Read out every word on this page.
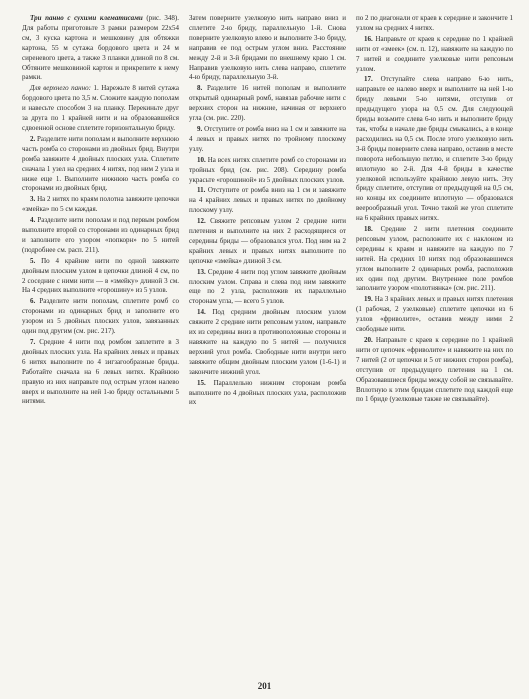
Три панно с сухими клематисами (рис. 348). Для работы приготовьте 3 рамки размером 22х54 см, 3 куска картона и мешковину для обтяжки картона, 55 м сутажа бордового цвета и 24 м сиреневого цвета, а также 3 планки длиной по 8 см. Обтяните мешковиной картон и прикрепите к нему рамки.

Для верхнего панно: 1. Нарежьте 8 нитей сутажа бордового цвета по 3,5 м. Сложите каждую пополам и навесьте способом 3 на планку. Перекиньте друг за друга по 1 крайней нити и на образовавшейся сдвоенной основе сплетите горизонтальную бриду.

2. Разделите нити пополам и выполните верхнюю часть ромба со сторонами из двойных брид. Внутри ромба завяжите 4 двойных плоских узла. Сплетите сначала 1 узел на средних 4 нитях, под ним 2 узла и ниже еще 1. Выполните нижнюю часть ромба со сторонами из двойных брид.

3. На 2 нитях по краям полотна завяжите цепочки «змейка» по 5 см каждая.

4. Разделите нити пополам и под первым ромбом выполните второй со сторонами из одинарных брид и заполните его узором «попкорн» по 5 нитей (подробнее см. расп. 211).

5. По 4 крайние нити по одной завяжите двойным плоским узлом в цепочки длиной 4 см, по 2 соседние с ними нити — в «змейку» длиной 3 см. На 4 средних выполните «горошину» из 5 узлов.

6. Разделите нити пополам, сплетите ромб со сторонами из одинарных брид и заполните его узором из 5 двойных плоских узлов, завязанных один под другим (см. рис. 217).

7. Средние 4 нити под ромбом заплетите в 3 двойных плоских узла. На крайних левых и правых 6 нитях выполните по 4 зигзагообразные бриды. Работайте сначала на 6 левых нитях. Крайнюю правую из них направьте под острым углом налево вверх и выполните на ней 1-ю бриду остальными 5 нитями.

Затем поверните узелковую нить направо вниз и сплетите 2-ю бриду, параллельную 1-й. Снова поверните узелковую влево и выполните 3-ю бриду, направив ее под острым углом вниз. Расстояние между 2-й и 3-й бридами по внешнему краю 1 см. Направив узелковую нить слева направо, сплетите 4-ю бриду, параллельную 3-й.

8. Разделите 16 нитей пополам и выполните открытый одинарный ромб, навязав рабочие нити с верхних сторон на нижние, начиная от верхнего угла (см. рис. 220).

9. Отступите от ромба вниз на 1 см и завяжите на 4 левых и правых нитях по тройному плоскому узлу.

10. На всех нитях сплетите ромб со сторонами из тройных брид (см. рис. 208). Середину ромба украсьте «горошиной» из 5 двойных плоских узлов.

11. Отступите от ромба вниз на 1 см и завяжите на 4 крайних левых и правых нитях по двойному плоскому узлу.

12. Свяжите репсовым узлом 2 средние нити плетения и выполните на них 2 расходящиеся от середины бриды — образовался угол. Под ним на 2 крайних левых и правых нитях выполните по цепочке «змейка» длиной 3 см.

13. Средние 4 нити под углом завяжите двойным плоским узлом. Справа и слева под ним завяжите еще по 2 узла, расположив их параллельно сторонам угла, — всего 5 узлов.

14. Под средним двойным плоским узлом свяжите 2 средние нити репсовым узлом, направьте их из середины вниз в противоположные стороны и навяжите на каждую по 5 нитей — получился верхний угол ромба. Свободные нити внутри него завяжите общим двойным плоским узлом (1-6-1) и закончите нижний угол.

15. Параллельно нижним сторонам ромба выполните по 4 двойных плоских узла, расположив их

по 2 по диагонали от краев к середине и закончите 1 узлом на средних 4 нитях.

16. Направьте от краев к середине по 1 крайней нити от «змеек» (см. п. 12), навяжите на каждую по 7 нитей и соедините узелковые нити репсовым узлом.

17. Отступайте слева направо 6-ю нить, направьте ее налево вверх и выполните на ней 1-ю бриду левыми 5-ю нитями, отступив от предыдущего узора на 0,5 см. Для следующей бриды возьмите слева 6-ю нить и выполните бриду так, чтобы в начале две бриды смыкались, а в конце расходились на 0,5 см. После этого узелковую нить 3-й бриды поверните слева направо, оставив в месте поворота небольшую петлю, и сплетите 3-ю бриду вплотную ко 2-й. Для 4-й бриды в качестве узелковой используйте крайнюю левую нить. Эту бриду сплетите, отступив от предыдущей на 0,5 см, но концы их соедините вплотную — образовался веерообразный угол. Точно такой же угол сплетите на 6 крайних правых нитях.

18. Средние 2 нити плетения соедините репсовым узлом, расположите их с наклоном из середины к краям и навяжите на каждую по 7 нитей. На средних 10 нитях под образовавшимся углом выполните 2 одинарных ромба, расположив их один под другим. Внутреннее поле ромбов заполните узором «полотнянка» (см. рис. 211).

19. На 3 крайних левых и правых нитях плетения (1 рабочая, 2 узелковые) сплетите цепочки из 6 узлов «фриволите», оставив между ними 2 свободные нити.

20. Направьте с краев к середине по 1 крайней нити от цепочек «фриволите» и навяжите на них по 7 нитей (2 от цепочки и 5 от нижних сторон ромба), отступив от предыдущего плетения на 1 см. Образовавшиеся бриды между собой не связывайте. Вплотную к этим бридам сплетите под каждой еще по 1 бриде (узелковые также не связывайте).

201
